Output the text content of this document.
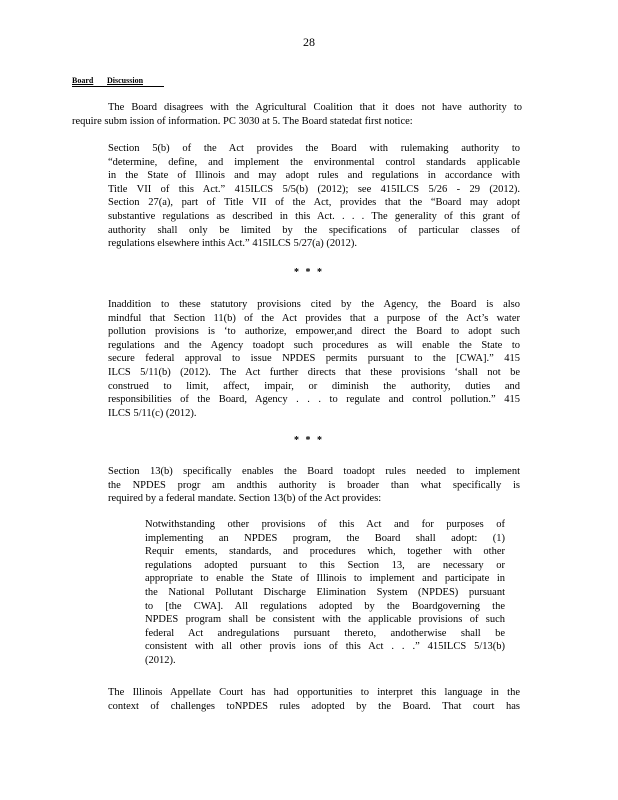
28
Board Discussion
The Board disagrees with the Agricultural Coalition that it does not have authority to
require subm ission of information. PC 3030 at 5. The Board statedat first notice:
Section 5(b) of the Act provides the Board with rulemaking authority to
“determine, define, and implement the environmental control standards applicable
in the State of Illinois and may adopt rules and regulations in accordance with
Title VII of this Act.” 415ILCS 5/5(b) (2012); see 415ILCS 5/26 - 29 (2012).
Section 27(a), part of Title VII of the Act, provides that the “Board may adopt
substantive regulations as described in this Act. . . . The generality of this grant of
authority shall only be limited by the specifications of particular classes of
regulations elsewhere inthis Act.” 415ILCS 5/27(a) (2012).
* * *
Inaddition to these statutory provisions cited by the Agency, the Board is also
mindful that Section 11(b) of the Act provides that a purpose of the Act’s water
pollution provisions is ‘to authorize, empower,and direct the Board to adopt such
regulations and the Agency toadopt such procedures as will enable the State to
secure federal approval to issue NPDES permits pursuant to the [CWA].” 415
ILCS 5/11(b) (2012). The Act further directs that these provisions ‘shall not be
construed to limit, affect, impair, or diminish the authority, duties and
responsibilities of the Board, Agency . . . to regulate and control pollution.” 415
ILCS 5/11(c) (2012).
* * *
Section 13(b) specifically enables the Board toadopt rules needed to implement
the NPDES progr am andthis authority is broader than what specifically is
required by a federal mandate. Section 13(b) of the Act provides:
Notwithstanding other provisions of this Act and for purposes of
implementing an NPDES program, the Board shall adopt: (1)
Requir ements, standards, and procedures which, together with other
regulations adopted pursuant to this Section 13, are necessary or
appropriate to enable the State of Illinois to implement and participate in
the National Pollutant Discharge Elimination System (NPDES) pursuant
to [the CWA]. All regulations adopted by the Boardgoverning the
NPDES program shall be consistent with the applicable provisions of such
federal Act andregulations pursuant thereto, andotherwise shall be
consistent with all other provis ions of this Act . . .” 415ILCS 5/13(b)
(2012).
The Illinois Appellate Court has had opportunities to interpret this language in the
context of challenges toNPDES rules adopted by the Board. That court has
